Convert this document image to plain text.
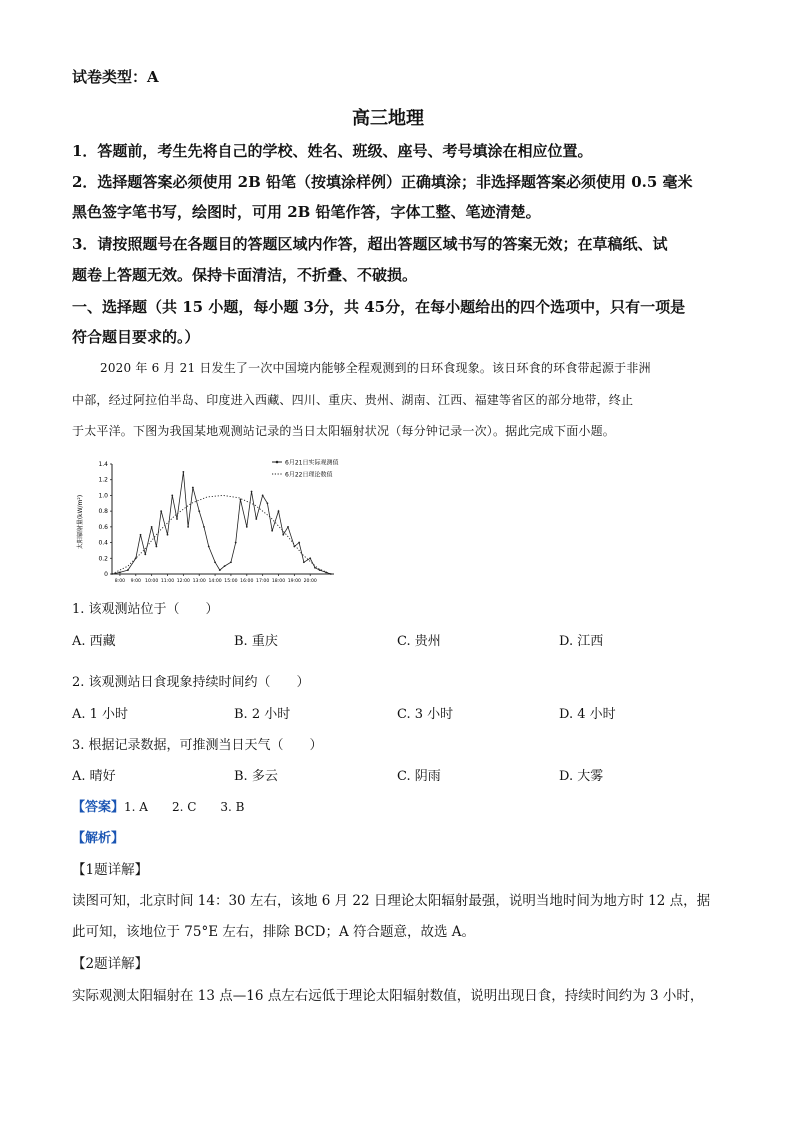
试卷类型：A
高三地理
1．答题前，考生先将自己的学校、姓名、班级、座号、考号填涂在相应位置。
2．选择题答案必须使用 2B 铅笔（按填涂样例）正确填涂；非选择题答案必须使用 0.5 毫米
黑色签字笔书写，绘图时，可用 2B 铅笔作答，字体工整、笔迹清楚。
3．请按照题号在各题目的答题区域内作答，超出答题区域书写的答案无效；在草稿纸、试
题卷上答题无效。保持卡面清洁，不折叠、不破损。
一、选择题（共 15 小题，每小题 3分，共 45分，在每小题给出的四个选项中，只有一项是
符合题目要求的。）
2020 年 6 月 21 日发生了一次中国境内能够全程观测到的日环食现象。该日环食的环食带起源于非洲
中部，经过阿拉伯半岛、印度进入西藏、四川、重庆、贵州、湖南、江西、福建等省区的部分地带，终止
于太平洋。下图为我国某地观测站记录的当日太阳辐射状况（每分钟记录一次）。据此完成下面小题。
0
0.2
0.4
0.6
0.8
1.0
1.2
1.4
8:00 9:00 10:00 11:00 12:00 13:00 14:00 15:00 16:00 17:00 18:00 19:00 20:00
太阳辐射量(kW/m²)
6月21日实际观测值
6月22日理论数值
1. 该观测站位于（　　）
A. 西藏	B. 重庆	C. 贵州	D. 江西
2. 该观测站日食现象持续时间约（　　）
A. 1 小时	B. 2 小时	C. 3 小时	D. 4 小时
3. 根据记录数据，可推测当日天气（　　）
A. 晴好	B. 多云	C. 阴雨	D. 大雾
【答案】1. A　　2. C　　3. B
【解析】
【1题详解】
读图可知，北京时间 14：30 左右，该地 6 月 22 日理论太阳辐射最强，说明当地时间为地方时 12 点，据
此可知，该地位于 75°E 左右，排除 BCD；A 符合题意，故选 A。
【2题详解】
实际观测太阳辐射在 13 点—16 点左右远低于理论太阳辐射数值，说明出现日食，持续时间约为 3 小时，
